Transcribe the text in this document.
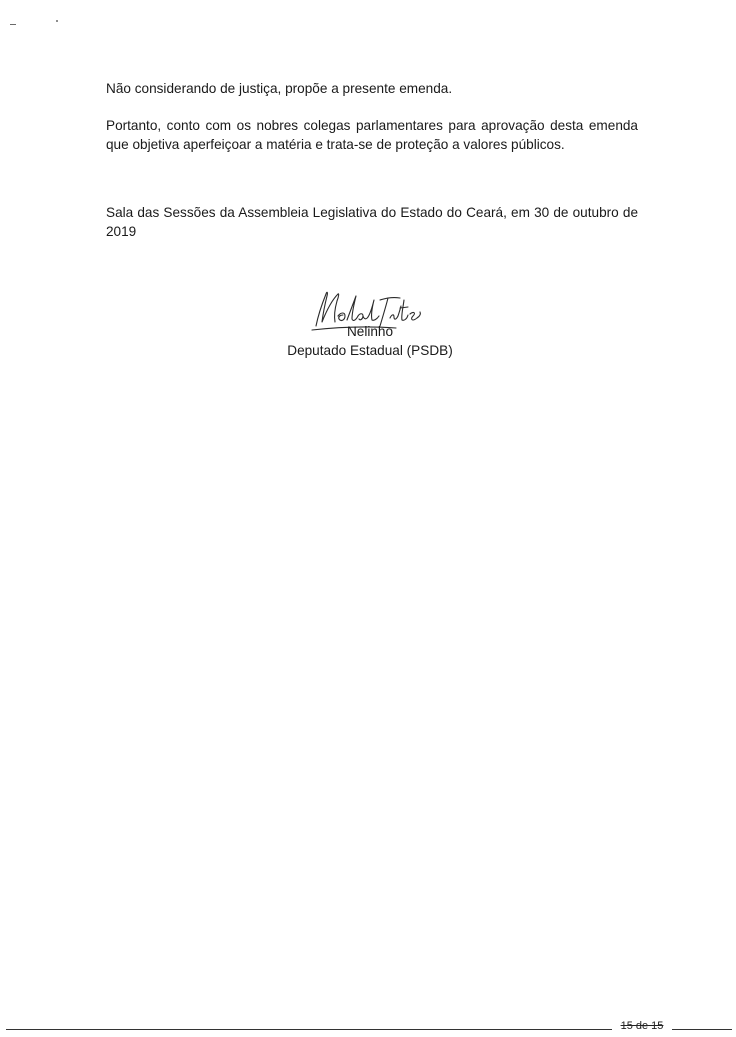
Não considerando de justiça, propõe a presente emenda.

Portanto, conto com os nobres colegas parlamentares para aprovação desta emenda
que objetiva aperfeiçoar a matéria e trata-se de proteção a valores públicos.

Sala das Sessões da Assembleia Legislativa do Estado do Ceará, em 30 de outubro de
2019

Nelinho
Deputado Estadual (PSDB)
15 de 15
